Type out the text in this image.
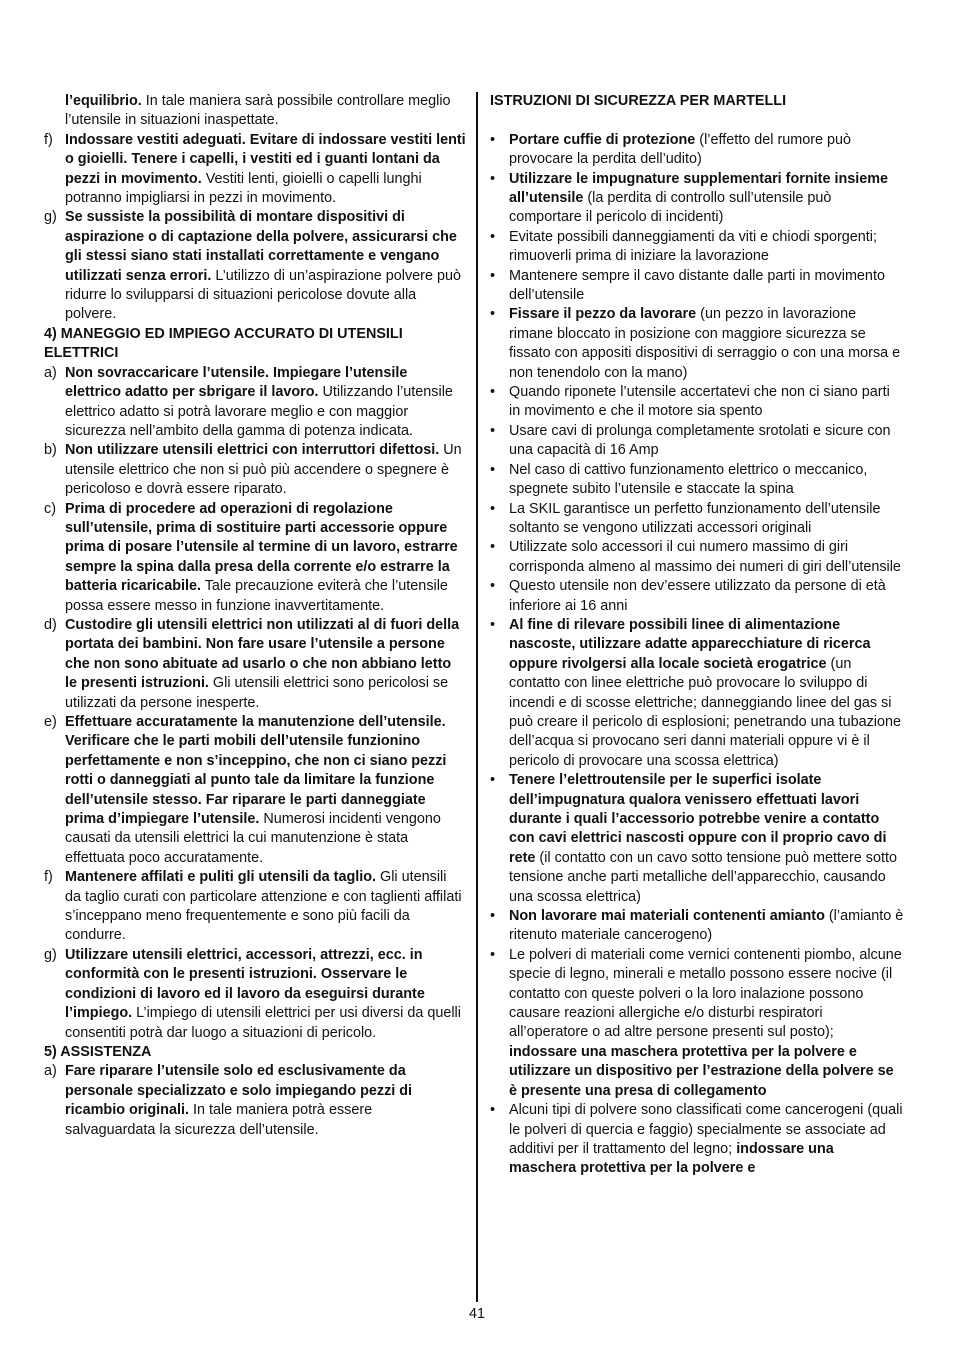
l’equilibrio. In tale maniera sarà possibile controllare meglio l’utensile in situazioni inaspettate.
f) Indossare vestiti adeguati. Evitare di indossare vestiti lenti o gioielli. Tenere i capelli, i vestiti ed i guanti lontani da pezzi in movimento. Vestiti lenti, gioielli o capelli lunghi potranno impigliarsi in pezzi in movimento.
g) Se sussiste la possibilità di montare dispositivi di aspirazione o di captazione della polvere, assicurarsi che gli stessi siano stati installati correttamente e vengano utilizzati senza errori. L’utilizzo di un’aspirazione polvere può ridurre lo svilupparsi di situazioni pericolose dovute alla polvere.
4) MANEGGIO ED IMPIEGO ACCURATO DI UTENSILI ELETTRICI
a) Non sovraccaricare l’utensile. Impiegare l’utensile elettrico adatto per sbrigare il lavoro. Utilizzando l’utensile elettrico adatto si potrà lavorare meglio e con maggior sicurezza nell’ambito della gamma di potenza indicata.
b) Non utilizzare utensili elettrici con interruttori difettosi. Un utensile elettrico che non si può più accendere o spegnere è pericoloso e dovrà essere riparato.
c) Prima di procedere ad operazioni di regolazione sull’utensile, prima di sostituire parti accessorie oppure prima di posare l’utensile al termine di un lavoro, estrarre sempre la spina dalla presa della corrente e/o estrarre la batteria ricaricabile. Tale precauzione eviterà che l’utensile possa essere messo in funzione inavvertitamente.
d) Custodire gli utensili elettrici non utilizzati al di fuori della portata dei bambini. Non fare usare l’utensile a persone che non sono abituate ad usarlo o che non abbiano letto le presenti istruzioni. Gli utensili elettrici sono pericolosi se utilizzati da persone inesperte.
e) Effettuare accuratamente la manutenzione dell’utensile. Verificare che le parti mobili dell’utensile funzionino perfettamente e non s’inceppino, che non ci siano pezzi rotti o danneggiati al punto tale da limitare la funzione dell’utensile stesso. Far riparare le parti danneggiate prima d’impiegare l’utensile. Numerosi incidenti vengono causati da utensili elettrici la cui manutenzione è stata effettuata poco accuratamente.
f) Mantenere affilati e puliti gli utensili da taglio. Gli utensili da taglio curati con particolare attenzione e con taglienti affilati s’inceppano meno frequentemente e sono più facili da condurre.
g) Utilizzare utensili elettrici, accessori, attrezzi, ecc. in conformità con le presenti istruzioni. Osservare le condizioni di lavoro ed il lavoro da eseguirsi durante l’impiego. L’impiego di utensili elettrici per usi diversi da quelli consentiti potrà dar luogo a situazioni di pericolo.
5) ASSISTENZA
a) Fare riparare l’utensile solo ed esclusivamente da personale specializzato e solo impiegando pezzi di ricambio originali. In tale maniera potrà essere salvaguardata la sicurezza dell’utensile.
ISTRUZIONI DI SICUREZZA PER MARTELLI
• Portare cuffie di protezione (l’effetto del rumore può provocare la perdita dell’udito)
• Utilizzare le impugnature supplementari fornite insieme all’utensile (la perdita di controllo sull’utensile può comportare il pericolo di incidenti)
• Evitate possibili danneggiamenti da viti e chiodi sporgenti; rimuoverli prima di iniziare la lavorazione
• Mantenere sempre il cavo distante dalle parti in movimento dell’utensile
• Fissare il pezzo da lavorare (un pezzo in lavorazione rimane bloccato in posizione con maggiore sicurezza se fissato con appositi dispositivi di serraggio o con una morsa e non tenendolo con la mano)
• Quando riponete l’utensile accertatevi che non ci siano parti in movimento e che il motore sia spento
• Usare cavi di prolunga completamente srotolati e sicure con una capacità di 16 Amp
• Nel caso di cattivo funzionamento elettrico o meccanico, spegnete subito l’utensile e staccate la spina
• La SKIL garantisce un perfetto funzionamento dell’utensile soltanto se vengono utilizzati accessori originali
• Utilizzate solo accessori il cui numero massimo di giri corrisponda almeno al massimo dei numeri di giri dell’utensile
• Questo utensile non dev’essere utilizzato da persone di età inferiore ai 16 anni
• Al fine di rilevare possibili linee di alimentazione nascoste, utilizzare adatte apparecchiature di ricerca oppure rivolgersi alla locale società erogatrice (un contatto con linee elettriche può provocare lo sviluppo di incendi e di scosse elettriche; danneggiando linee del gas si può creare il pericolo di esplosioni; penetrando una tubazione dell’acqua si provocano seri danni materiali oppure vi è il pericolo di provocare una scossa elettrica)
• Tenere l’elettroutensile per le superfici isolate dell’impugnatura qualora venissero effettuati lavori durante i quali l’accessorio potrebbe venire a contatto con cavi elettrici nascosti oppure con il proprio cavo di rete (il contatto con un cavo sotto tensione può mettere sotto tensione anche parti metalliche dell’apparecchio, causando una scossa elettrica)
• Non lavorare mai materiali contenenti amianto (l’amianto è ritenuto materiale cancerogeno)
• Le polveri di materiali come vernici contenenti piombo, alcune specie di legno, minerali e metallo possono essere nocive (il contatto con queste polveri o la loro inalazione possono causare reazioni allergiche e/o disturbi respiratori all’operatore o ad altre persone presenti sul posto); indossare una maschera protettiva per la polvere e utilizzare un dispositivo per l’estrazione della polvere se è presente una presa di collegamento
• Alcuni tipi di polvere sono classificati come cancerogeni (quali le polveri di quercia e faggio) specialmente se associate ad additivi per il trattamento del legno; indossare una maschera protettiva per la polvere e
41
